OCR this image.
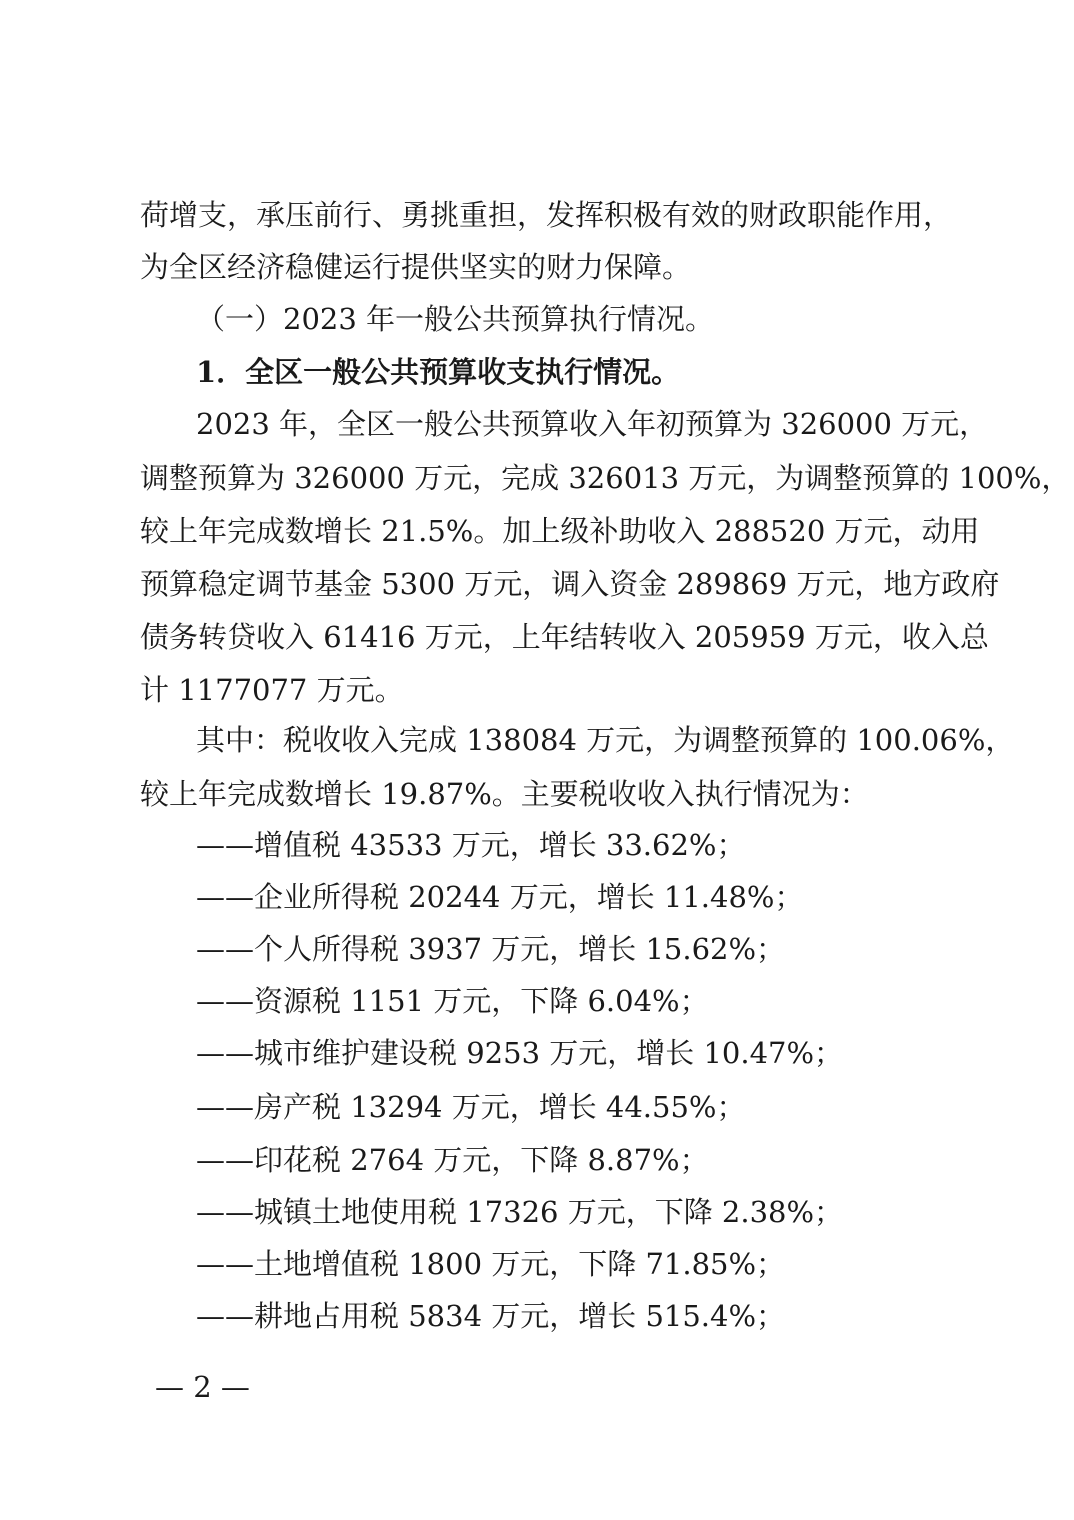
荷增支，承压前行、勇挑重担，发挥积极有效的财政职能作用，
为全区经济稳健运行提供坚实的财力保障。
（一）2023 年一般公共预算执行情况。
1．全区一般公共预算收支执行情况。
2023 年，全区一般公共预算收入年初预算为 326000 万元，
调整预算为 326000 万元，完成 326013 万元，为调整预算的 100%，
较上年完成数增长 21.5%。加上级补助收入 288520 万元，动用
预算稳定调节基金 5300 万元，调入资金 289869 万元，地方政府
债务转贷收入 61416 万元，上年结转收入 205959 万元，收入总
计 1177077 万元。
其中：税收收入完成 138084 万元，为调整预算的 100.06%，
较上年完成数增长 19.87%。主要税收收入执行情况为：
——增值税 43533 万元，增长 33.62%；
——企业所得税 20244 万元，增长 11.48%；
——个人所得税 3937 万元，增长 15.62%；
——资源税 1151 万元，下降 6.04%；
——城市维护建设税 9253 万元，增长 10.47%；
——房产税 13294 万元，增长 44.55%；
——印花税 2764 万元，下降 8.87%；
——城镇土地使用税 17326 万元，下降 2.38%；
——土地增值税 1800 万元，下降 71.85%；
——耕地占用税 5834 万元，增长 515.4%；
— 2 —
